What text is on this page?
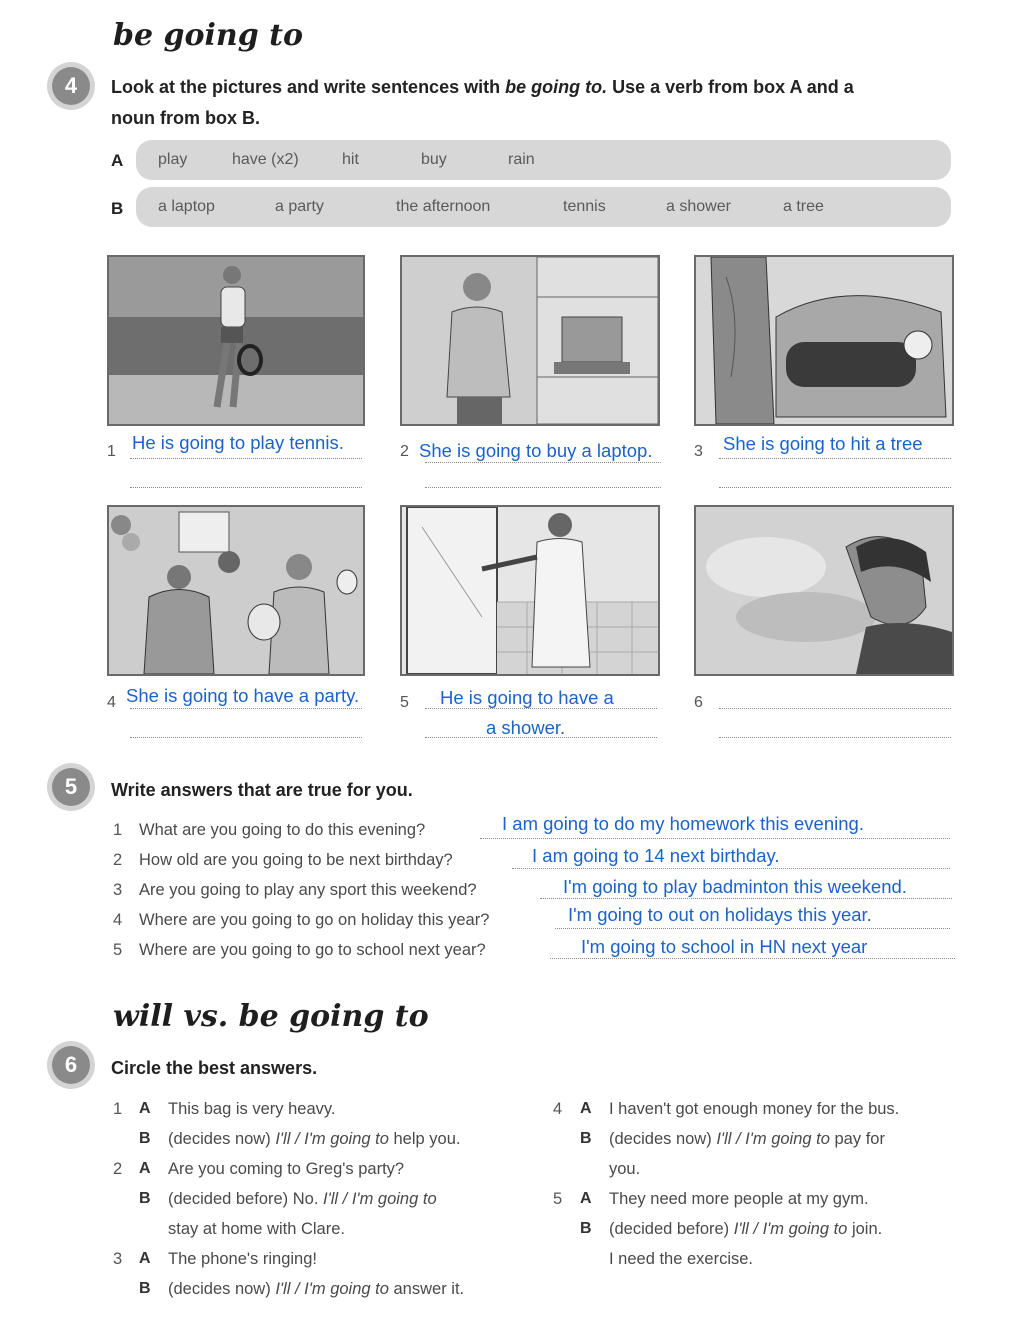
be going to
4	Look at the pictures and write sentences with be going to. Use a verb from box A and a
noun from box B.
A play	have (x2)	hit	buy	rain
B a laptop	a party	the afternoon	tennis	a shower	a tree
1 He is going to play tennis.	2 She is going to buy a laptop.	3 She is going to hit a tree
4 She is going to have a party.	5 He is going to have a
a shower.
6
5	Write answers that are true for you.
1 What are you going to do this evening?	I am going to do my homework this evening.
2 How old are you going to be next birthday?	I am going to 14 next birthday.
3 Are you going to play any sport this weekend?	I'm going to play badminton this weekend.
4 Where are you going to go on holiday this year?	I'm going to out on holidays this year.
5 Where are you going to go to school next year?	I'm going to school in HN next year
will vs. be going to
6	Circle the best answers.
1 A This bag is very heavy.
B (decides now) I'll / I'm going to help you.
2 A Are you coming to Greg's party?
B (decided before) No. I'll / I'm going to
stay at home with Clare.
3 A The phone's ringing!
B (decides now) I'll / I'm going to answer it.
4 A I haven't got enough money for the bus.
B (decides now) I'll / I'm going to pay for
you.
5 A They need more people at my gym.
B (decided before) I'll / I'm going to join.
I need the exercise.
